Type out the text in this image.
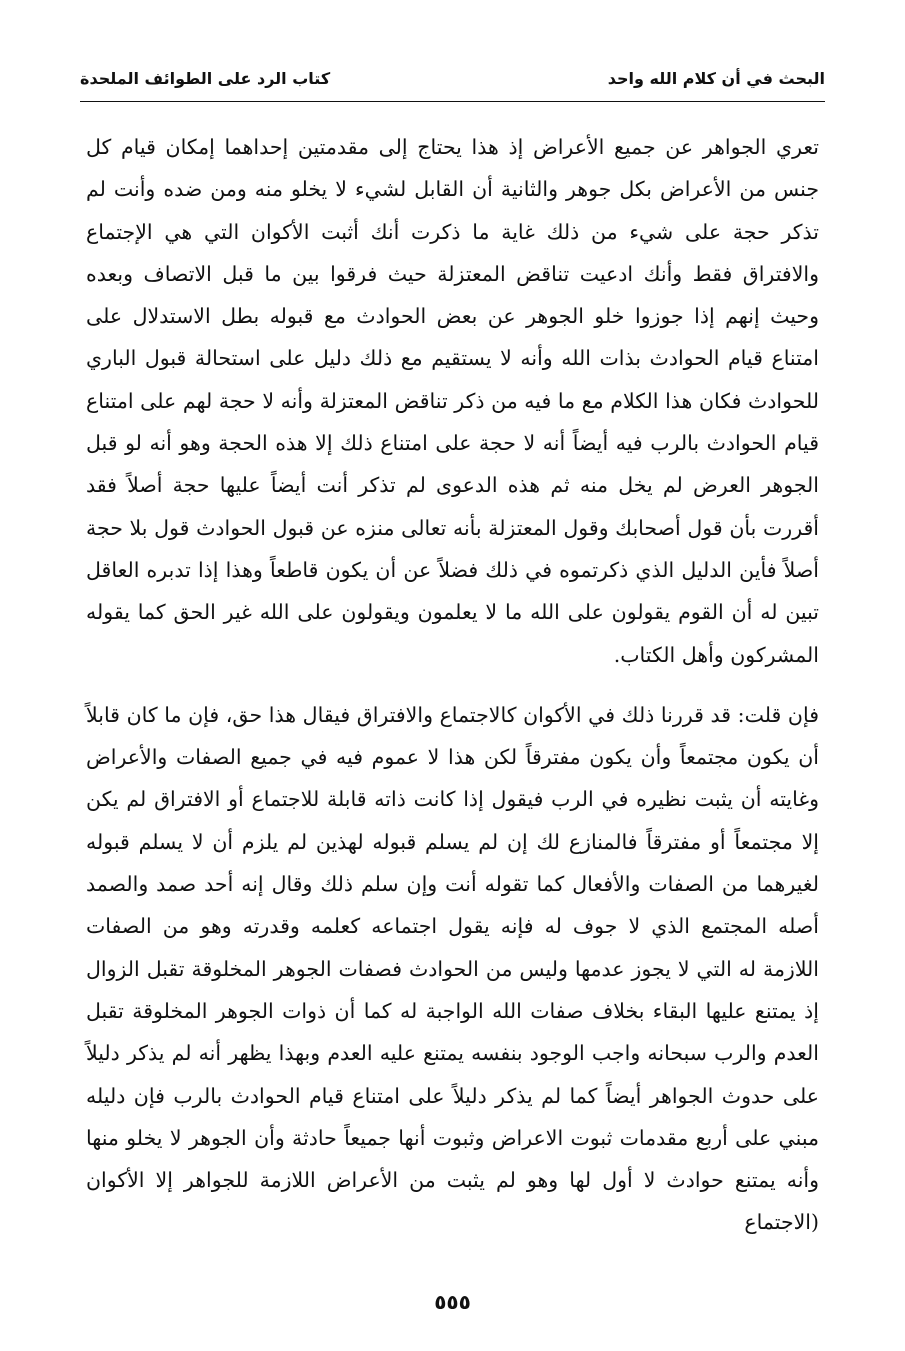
البحث في أن كلام الله واحد
كتاب الرد على الطوائف الملحدة

تعري الجواهر عن جميع الأعراض إذ هذا يحتاج إلى مقدمتين إحداهما إمكان قيام كل جنس من الأعراض بكل جوهر والثانية أن القابل لشيء لا يخلو منه ومن ضده وأنت لم تذكر حجة على شيء من ذلك غاية ما ذكرت أنك أثبت الأكوان التي هي الإجتماع والافتراق فقط وأنك ادعيت تناقض المعتزلة حيث فرقوا بين ما قبل الاتصاف وبعده وحيث إنهم إذا جوزوا خلو الجوهر عن بعض الحوادث مع قبوله بطل الاستدلال على امتناع قيام الحوادث بذات الله وأنه لا يستقيم مع ذلك دليل على استحالة قبول الباري للحوادث فكان هذا الكلام مع ما فيه من ذكر تناقض المعتزلة وأنه لا حجة لهم على امتناع قيام الحوادث بالرب فيه أيضاً أنه لا حجة على امتناع ذلك إلا هذه الحجة وهو أنه لو قبل الجوهر العرض لم يخل منه ثم هذه الدعوى لم تذكر أنت أيضاً عليها حجة أصلاً فقد أقررت بأن قول أصحابك وقول المعتزلة بأنه تعالى منزه عن قبول الحوادث قول بلا حجة أصلاً فأين الدليل الذي ذكرتموه في ذلك فضلاً عن أن يكون قاطعاً وهذا إذا تدبره العاقل تبين له أن القوم يقولون على الله ما لا يعلمون ويقولون على الله غير الحق كما يقوله المشركون وأهل الكتاب.

فإن قلت: قد قررنا ذلك في الأكوان كالاجتماع والافتراق فيقال هذا حق، فإن ما كان قابلاً أن يكون مجتمعاً وأن يكون مفترقاً لكن هذا لا عموم فيه في جميع الصفات والأعراض وغايته أن يثبت نظيره في الرب فيقول إذا كانت ذاته قابلة للاجتماع أو الافتراق لم يكن إلا مجتمعاً أو مفترقاً فالمنازع لك إن لم يسلم قبوله لهذين لم يلزم أن لا يسلم قبوله لغيرهما من الصفات والأفعال كما تقوله أنت وإن سلم ذلك وقال إنه أحد صمد والصمد أصله المجتمع الذي لا جوف له فإنه يقول اجتماعه كعلمه وقدرته وهو من الصفات اللازمة له التي لا يجوز عدمها وليس من الحوادث فصفات الجوهر المخلوقة تقبل الزوال إذ يمتنع عليها البقاء بخلاف صفات الله الواجبة له كما أن ذوات الجوهر المخلوقة تقبل العدم والرب سبحانه واجب الوجود بنفسه يمتنع عليه العدم وبهذا يظهر أنه لم يذكر دليلاً على حدوث الجواهر أيضاً كما لم يذكر دليلاً على امتناع قيام الحوادث بالرب فإن دليله مبني على أربع مقدمات ثبوت الاعراض وثبوت أنها جميعاً حادثة وأن الجوهر لا يخلو منها وأنه يمتنع حوادث لا أول لها وهو لم يثبت من الأعراض اللازمة للجواهر إلا الأكوان (الاجتماع

٥٥٥
